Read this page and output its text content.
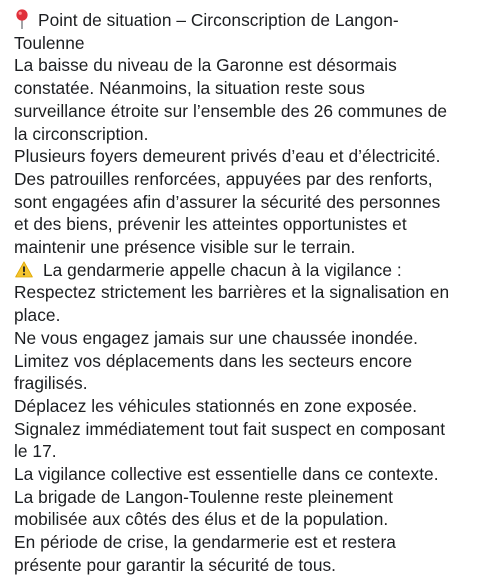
Point de situation – Circonscription de Langon-
Toulenne
La baisse du niveau de la Garonne est désormais
constatée. Néanmoins, la situation reste sous
surveillance étroite sur l’ensemble des 26 communes de
la circonscription.
Plusieurs foyers demeurent privés d’eau et d’électricité.
Des patrouilles renforcées, appuyées par des renforts,
sont engagées afin d’assurer la sécurité des personnes
et des biens, prévenir les atteintes opportunistes et
maintenir une présence visible sur le terrain.
La gendarmerie appelle chacun à la vigilance :
Respectez strictement les barrières et la signalisation en
place.
Ne vous engagez jamais sur une chaussée inondée.
Limitez vos déplacements dans les secteurs encore
fragilisés.
Déplacez les véhicules stationnés en zone exposée.
Signalez immédiatement tout fait suspect en composant
le 17.
La vigilance collective est essentielle dans ce contexte.
La brigade de Langon-Toulenne reste pleinement
mobilisée aux côtés des élus et de la population.
En période de crise, la gendarmerie est et restera
présente pour garantir la sécurité de tous.
